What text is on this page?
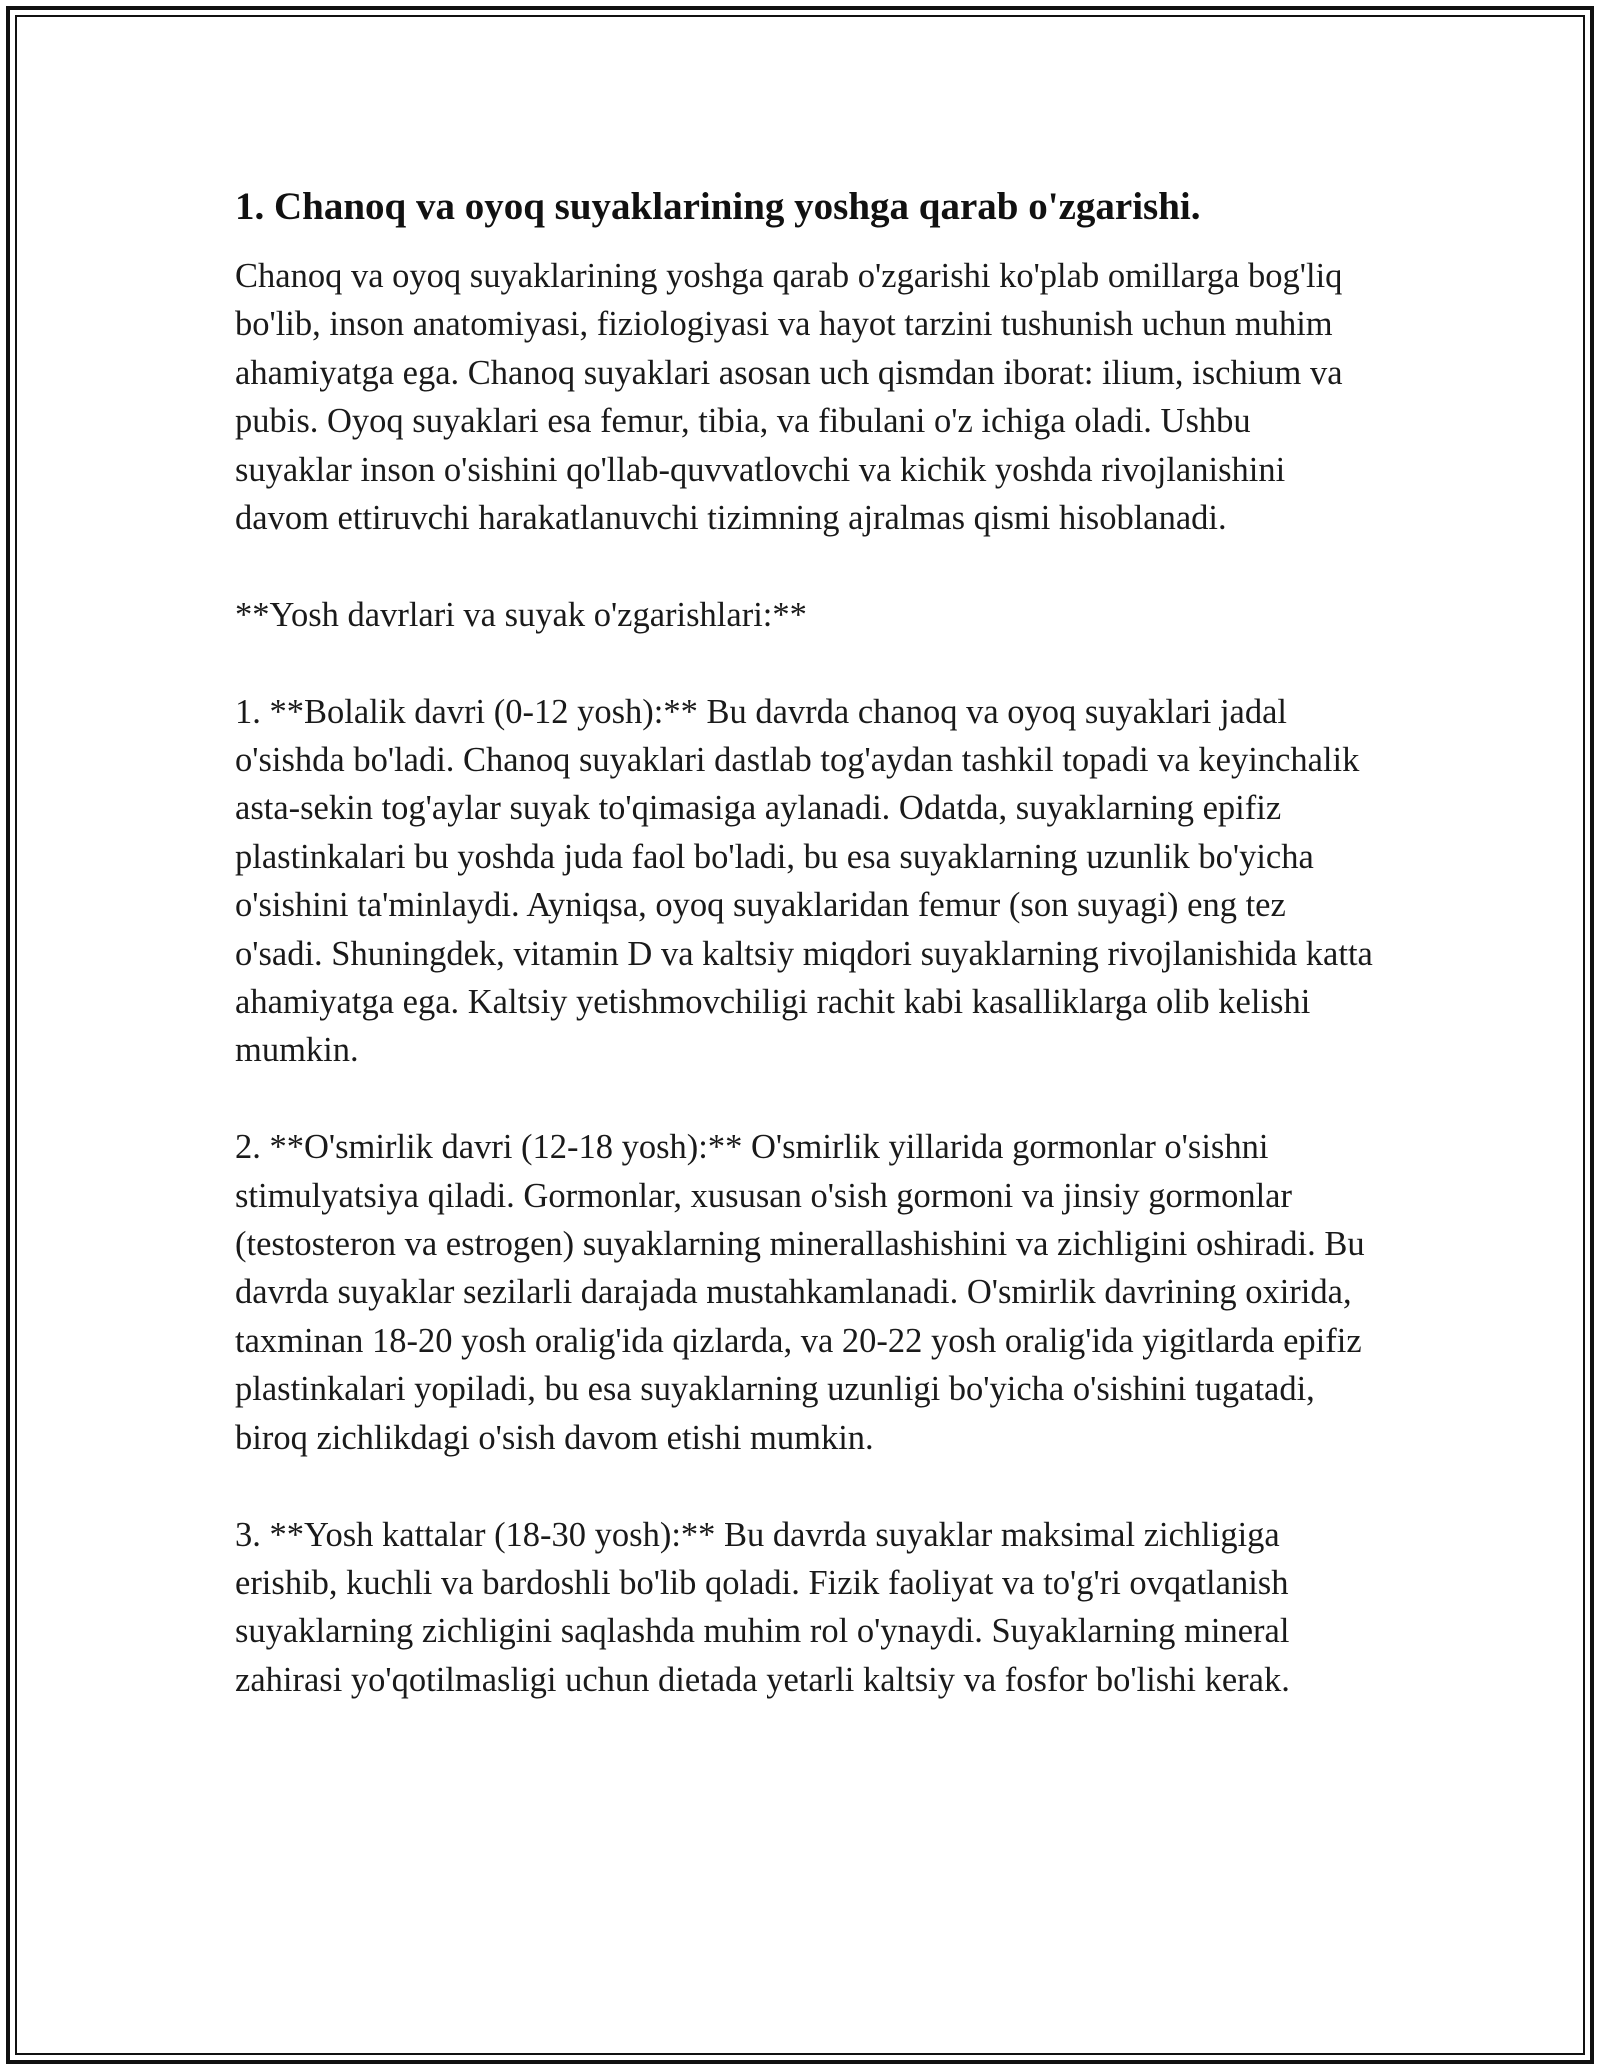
1. Chanoq va oyoq suyaklarining yoshga qarab o'zgarishi.

Chanoq va oyoq suyaklarining yoshga qarab o'zgarishi ko'plab omillarga bog'liq bo'lib, inson anatomiyasi, fiziologiyasi va hayot tarzini tushunish uchun muhim ahamiyatga ega. Chanoq suyaklari asosan uch qismdan iborat: ilium, ischium va pubis. Oyoq suyaklari esa femur, tibia, va fibulani o'z ichiga oladi. Ushbu suyaklar inson o'sishini qo'llab-quvvatlovchi va kichik yoshda rivojlanishini davom ettiruvchi harakatlanuvchi tizimning ajralmas qismi hisoblanadi.

**Yosh davrlari va suyak o'zgarishlari:**

1. **Bolalik davri (0-12 yosh):** Bu davrda chanoq va oyoq suyaklari jadal o'sishda bo'ladi. Chanoq suyaklari dastlab tog'aydan tashkil topadi va keyinchalik asta-sekin tog'aylar suyak to'qimasiga aylanadi. Odatda, suyaklarning epifiz plastinkalari bu yoshda juda faol bo'ladi, bu esa suyaklarning uzunlik bo'yicha o'sishini ta'minlaydi. Ayniqsa, oyoq suyaklaridan femur (son suyagi) eng tez o'sadi. Shuningdek, vitamin D va kaltsiy miqdori suyaklarning rivojlanishida katta ahamiyatga ega. Kaltsiy yetishmovchiligi rachit kabi kasalliklarga olib kelishi mumkin.

2. **O'smirlik davri (12-18 yosh):** O'smirlik yillarida gormonlar o'sishni stimulyatsiya qiladi. Gormonlar, xususan o'sish gormoni va jinsiy gormonlar (testosteron va estrogen) suyaklarning minerallashishini va zichligini oshiradi. Bu davrda suyaklar sezilarli darajada mustahkamlanadi. O'smirlik davrining oxirida, taxminan 18-20 yosh oralig'ida qizlarda, va 20-22 yosh oralig'ida yigitlarda epifiz plastinkalari yopiladi, bu esa suyaklarning uzunligi bo'yicha o'sishini tugatadi, biroq zichlikdagi o'sish davom etishi mumkin.

3. **Yosh kattalar (18-30 yosh):** Bu davrda suyaklar maksimal zichligiga erishib, kuchli va bardoshli bo'lib qoladi. Fizik faoliyat va to'g'ri ovqatlanish suyaklarning zichligini saqlashda muhim rol o'ynaydi. Suyaklarning mineral zahirasi yo'qotilmasligi uchun dietada yetarli kaltsiy va fosfor bo'lishi kerak.
